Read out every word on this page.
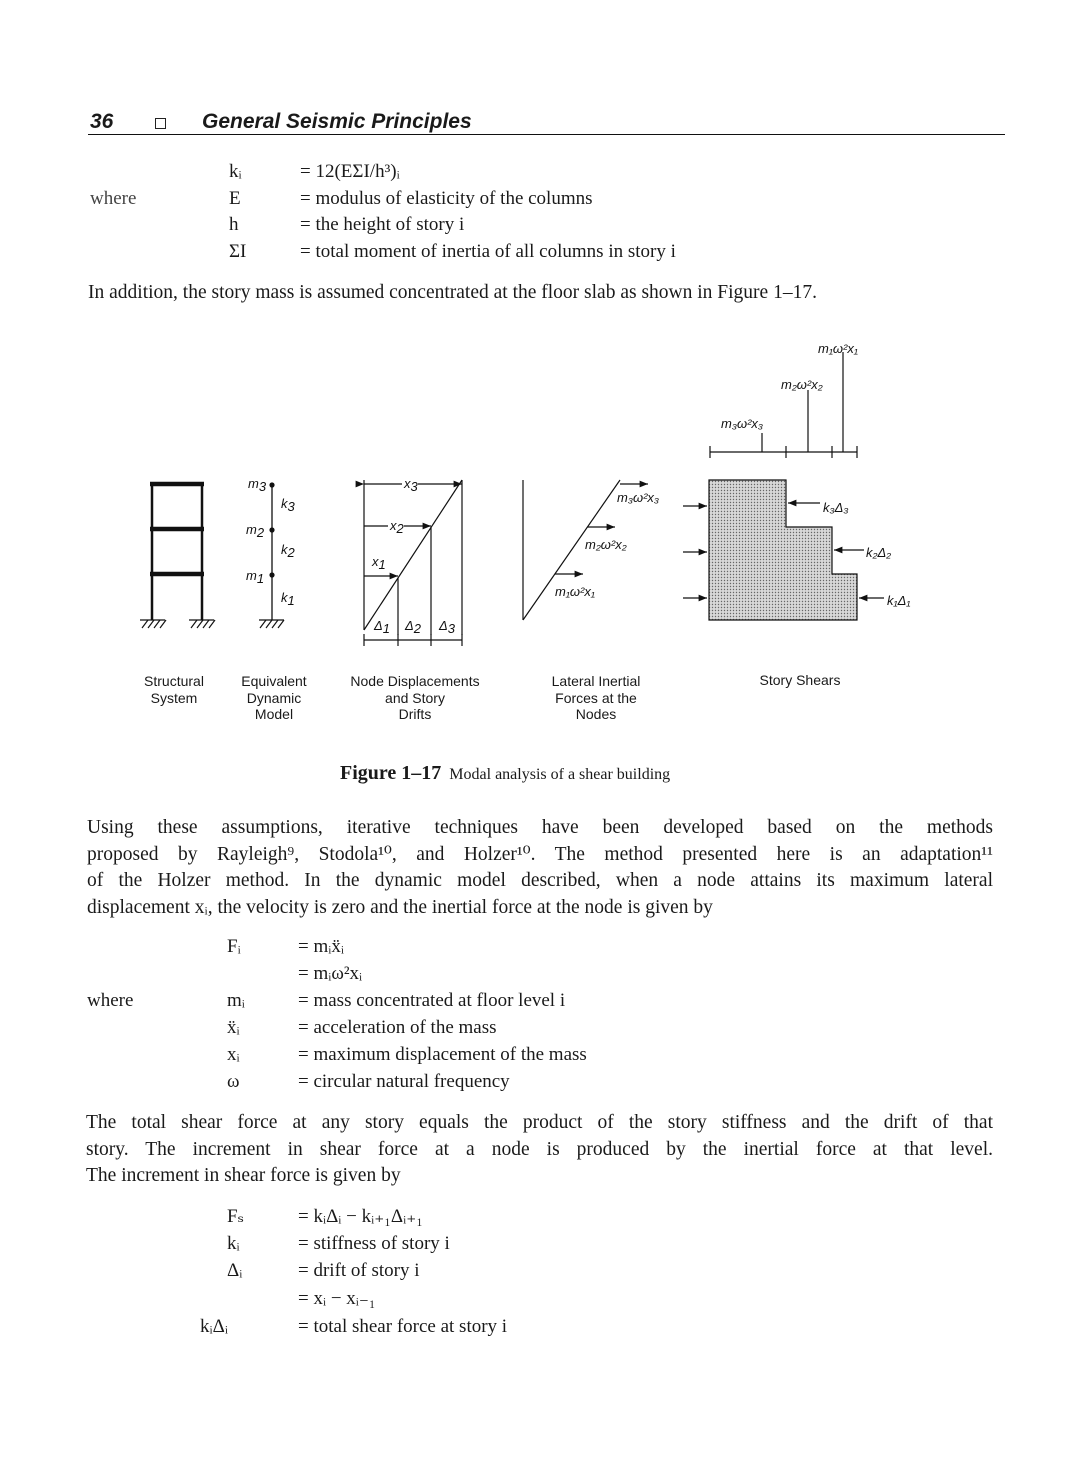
36	General Seismic Principles
where
kᵢ	= 12(EΣI/h³)ᵢ
E	= modulus of elasticity of the columns
h	= the height of story i
ΣI	= total moment of inertia of all columns in story i
In addition, the story mass is assumed concentrated at the floor slab as shown in Figure 1–17.
m3
m2
m1
k3
k2
k1
x3
x2
x1
Δ1 Δ2 Δ3
m₃ω²x₃
m₂ω²x₂
m₁ω²x₁
m₁ω²x₁
m₂ω²x₂
m₃ω²x₃
k₃Δ₃
k₂Δ₂
k₁Δ₁
Structural
System
Equivalent
Dynamic
Model
Node Displacements
and Story
Drifts
Lateral Inertial
Forces at the
Nodes
Story Shears
Figure 1–17 Modal analysis of a shear building
Using these assumptions, iterative techniques have been developed based on the methods
proposed by Rayleigh⁹, Stodola¹⁰, and Holzer¹⁰. The method presented here is an adaptation¹¹
of the Holzer method. In the dynamic model described, when a node attains its maximum lateral
displacement xᵢ, the velocity is zero and the inertial force at the node is given by
where
Fᵢ	= mᵢẍᵢ
= mᵢω²xᵢ
mᵢ	= mass concentrated at floor level i
ẍᵢ	= acceleration of the mass
xᵢ	= maximum displacement of the mass
ω	= circular natural frequency
The total shear force at any story equals the product of the story stiffness and the drift of that
story. The increment in shear force at a node is produced by the inertial force at that level.
The increment in shear force is given by
Fₛ	= kᵢΔᵢ − kᵢ₊₁Δᵢ₊₁
kᵢ	= stiffness of story i
Δᵢ	= drift of story i
= xᵢ − xᵢ₋₁
kᵢΔᵢ	= total shear force at story i
